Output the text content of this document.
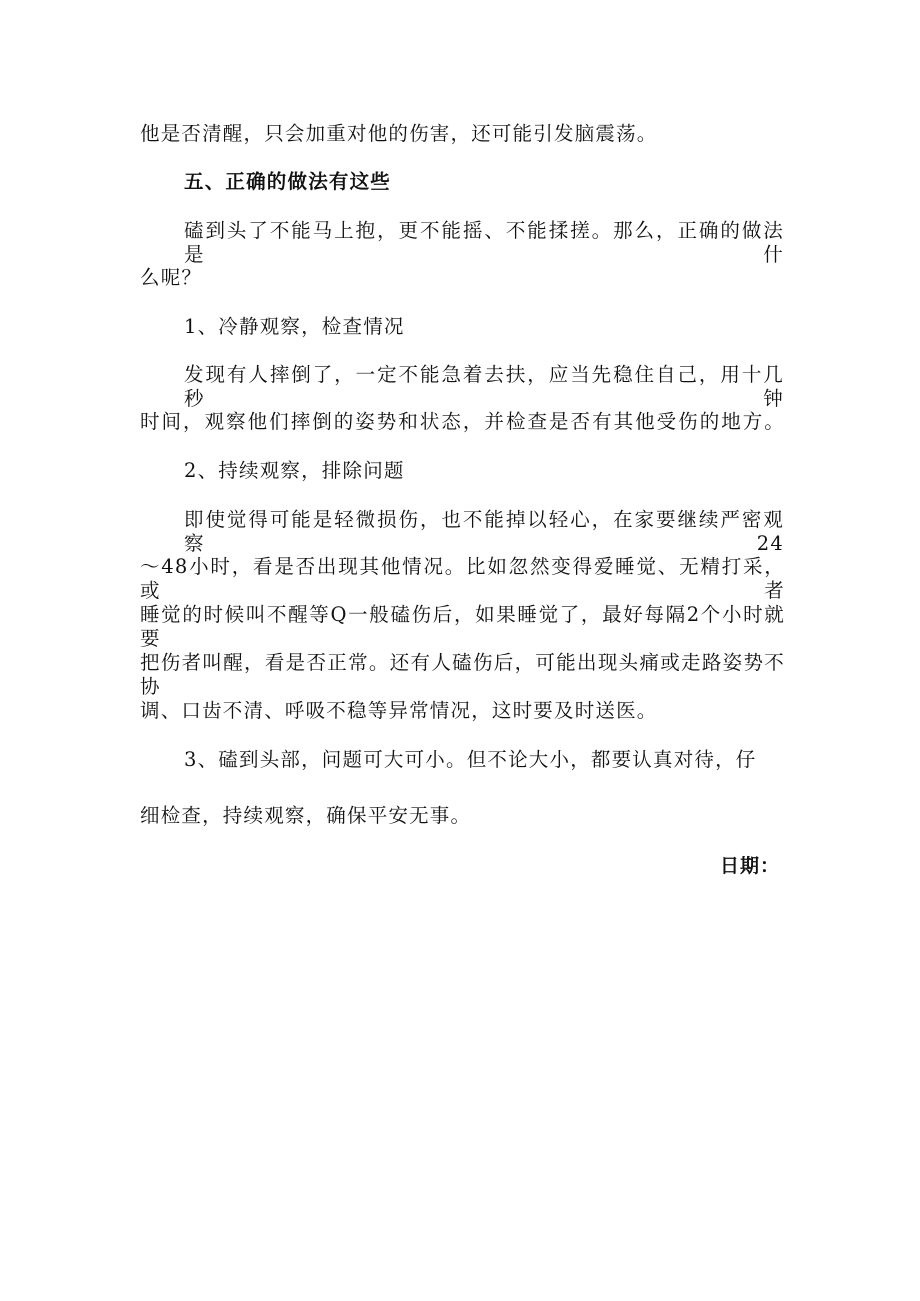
他是否清醒，只会加重对他的伤害，还可能引发脑震荡。
五、正确的做法有这些
磕到头了不能马上抱，更不能摇、不能揉搓。那么，正确的做法是什
么呢？
1、冷静观察，检查情况
发现有人摔倒了，一定不能急着去扶，应当先稳住自己，用十几秒钟
时间，观察他们摔倒的姿势和状态，并检查是否有其他受伤的地方。
2、持续观察，排除问题
即使觉得可能是轻微损伤，也不能掉以轻心，在家要继续严密观察24
～48小时，看是否出现其他情况。比如忽然变得爱睡觉、无精打采，或者
睡觉的时候叫不醒等Q一般磕伤后，如果睡觉了，最好每隔2个小时就要
把伤者叫醒，看是否正常。还有人磕伤后，可能出现头痛或走路姿势不协
调、口齿不清、呼吸不稳等异常情况，这时要及时送医。
3、磕到头部，问题可大可小。但不论大小，都要认真对待，仔
细检查，持续观察，确保平安无事。
日期：
